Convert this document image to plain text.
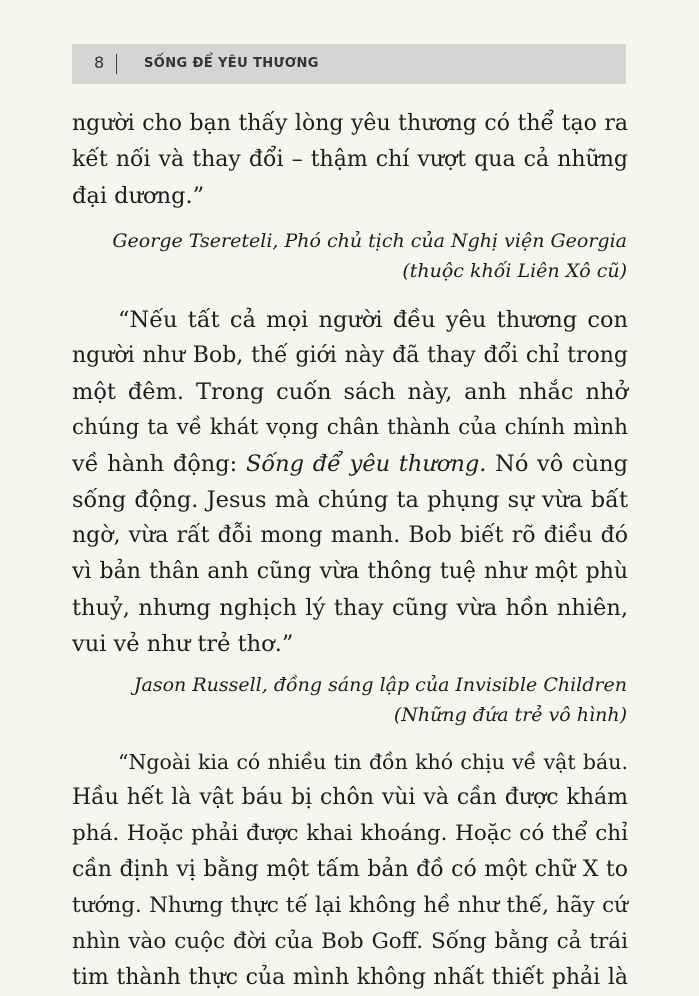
8	SỐNG ĐỂ YÊU THƯƠNG
người cho bạn thấy lòng yêu thương có thể tạo ra
kết nối và thay đổi – thậm chí vượt qua cả những
đại dương.”
George Tsereteli, Phó chủ tịch của Nghị viện Georgia
(thuộc khối Liên Xô cũ)
“Nếu tất cả mọi người đều yêu thương con
người như Bob, thế giới này đã thay đổi chỉ trong
một đêm. Trong cuốn sách này, anh nhắc nhở
chúng ta về khát vọng chân thành của chính mình
về hành động: Sống để yêu thương. Nó vô cùng
sống động. Jesus mà chúng ta phụng sự vừa bất
ngờ, vừa rất đỗi mong manh. Bob biết rõ điều đó
vì bản thân anh cũng vừa thông tuệ như một phù
thuỷ, nhưng nghịch lý thay cũng vừa hồn nhiên,
vui vẻ như trẻ thơ.”
Jason Russell, đồng sáng lập của Invisible Children
(Những đứa trẻ vô hình)
“Ngoài kia có nhiều tin đồn khó chịu về vật báu.
Hầu hết là vật báu bị chôn vùi và cần được khám
phá. Hoặc phải được khai khoáng. Hoặc có thể chỉ
cần định vị bằng một tấm bản đồ có một chữ X to
tướng. Nhưng thực tế lại không hề như thế, hãy cứ
nhìn vào cuộc đời của Bob Goff. Sống bằng cả trái
tim thành thực của mình không nhất thiết phải là
